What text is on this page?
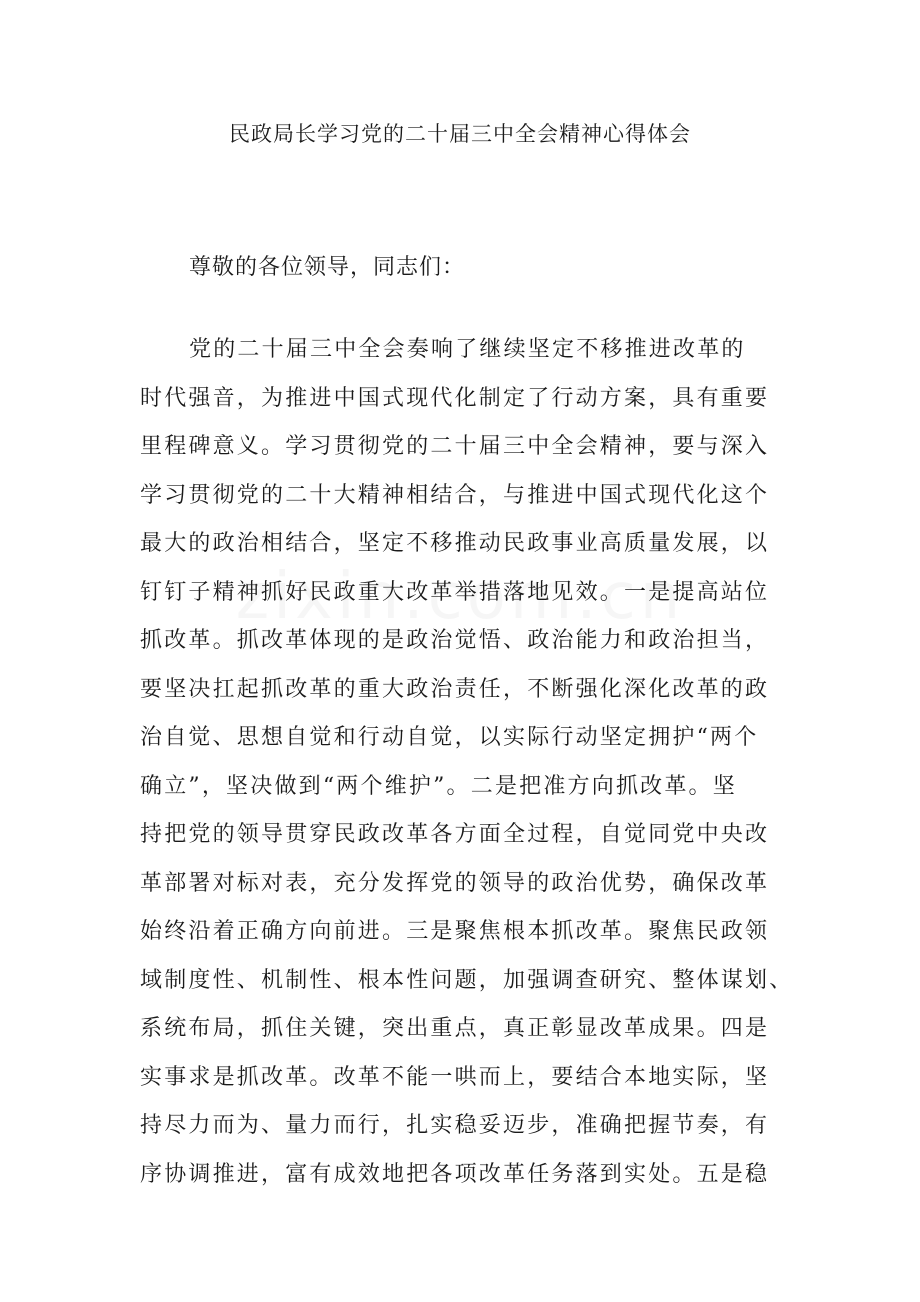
民政局长学习党的二十届三中全会精神心得体会
尊敬的各位领导，同志们：
党的二十届三中全会奏响了继续坚定不移推进改革的
时代强音，为推进中国式现代化制定了行动方案，具有重要
里程碑意义。学习贯彻党的二十届三中全会精神，要与深入
学习贯彻党的二十大精神相结合，与推进中国式现代化这个
最大的政治相结合，坚定不移推动民政事业高质量发展，以
钉钉子精神抓好民政重大改革举措落地见效。一是提高站位
抓改革。抓改革体现的是政治觉悟、政治能力和政治担当，
要坚决扛起抓改革的重大政治责任，不断强化深化改革的政
治自觉、思想自觉和行动自觉，以实际行动坚定拥护“两个
确立”，坚决做到“两个维护”。二是把准方向抓改革。坚
持把党的领导贯穿民政改革各方面全过程，自觉同党中央改
革部署对标对表，充分发挥党的领导的政治优势，确保改革
始终沿着正确方向前进。三是聚焦根本抓改革。聚焦民政领
域制度性、机制性、根本性问题，加强调查研究、整体谋划、
系统布局，抓住关键，突出重点，真正彰显改革成果。四是
实事求是抓改革。改革不能一哄而上，要结合本地实际，坚
持尽力而为、量力而行，扎实稳妥迈步，准确把握节奏，有
序协调推进，富有成效地把各项改革任务落到实处。五是稳
